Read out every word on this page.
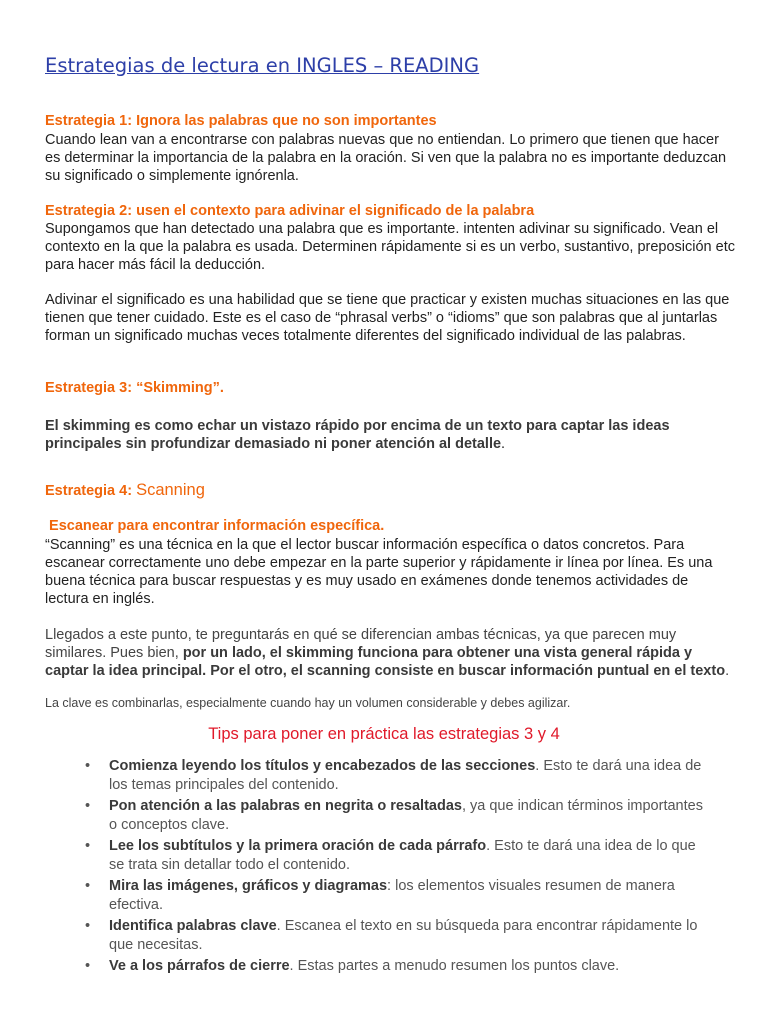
Estrategias de lectura en INGLES – READING

Estrategia 1: Ignora las palabras que no son importantes

Cuando lean van a encontrarse con palabras nuevas que no entiendan. Lo primero que tienen que hacer es determinar la importancia de la palabra en la oración. Si ven que la palabra no es importante deduzcan su significado o simplemente ignórenla.

Estrategia 2: usen el contexto para adivinar el significado de la palabra

Supongamos que han detectado una palabra que es importante. intenten adivinar su significado. Vean el contexto en la que la palabra es usada. Determinen rápidamente si es un verbo, sustantivo, preposición etc para hacer más fácil la deducción.

Adivinar el significado es una habilidad que se tiene que practicar y existen muchas situaciones en las que tienen que tener cuidado. Este es el caso de “phrasal verbs” o “idioms” que son palabras que al juntarlas forman un significado muchas veces totalmente diferentes del significado individual de las palabras.

Estrategia 3: “Skimming”.

El skimming es como echar un vistazo rápido por encima de un texto para captar las ideas principales sin profundizar demasiado ni poner atención al detalle.

Estrategia 4: Scanning

Escanear para encontrar información específica.

“Scanning” es una técnica en la que el lector buscar información específica o datos concretos. Para escanear correctamente uno debe empezar en la parte superior y rápidamente ir línea por línea. Es una buena técnica para buscar respuestas y es muy usado en exámenes donde tenemos actividades de lectura en inglés.

Llegados a este punto, te preguntarás en qué se diferencian ambas técnicas, ya que parecen muy similares. Pues bien, por un lado, el skimming funciona para obtener una vista general rápida y captar la idea principal. Por el otro, el scanning consiste en buscar información puntual en el texto.

La clave es combinarlas, especialmente cuando hay un volumen considerable y debes agilizar.

Tips para poner en práctica las estrategias 3 y 4

• Comienza leyendo los títulos y encabezados de las secciones. Esto te dará una idea de los temas principales del contenido.
• Pon atención a las palabras en negrita o resaltadas, ya que indican términos importantes o conceptos clave.
• Lee los subtítulos y la primera oración de cada párrafo. Esto te dará una idea de lo que se trata sin detallar todo el contenido.
• Mira las imágenes, gráficos y diagramas: los elementos visuales resumen de manera efectiva.
• Identifica palabras clave. Escanea el texto en su búsqueda para encontrar rápidamente lo que necesitas.
• Ve a los párrafos de cierre. Estas partes a menudo resumen los puntos clave.
